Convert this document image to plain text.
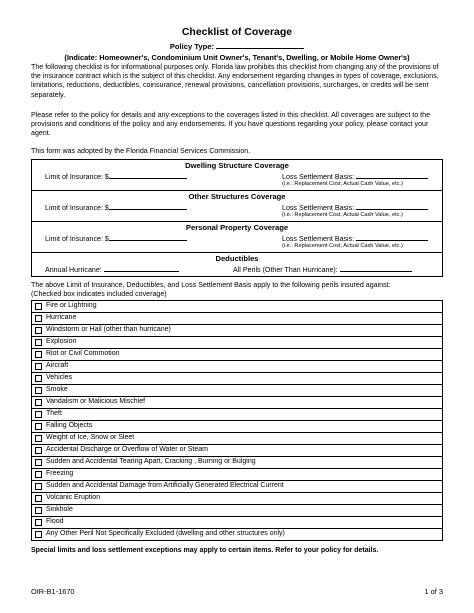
Checklist of Coverage
Policy Type:
(Indicate: Homeowner's, Condominium Unit Owner's, Tenant's, Dwelling, or Mobile Home Owner's)

The following checklist is for informational purposes only. Florida law prohibits this checklist from changing any of the provisions of the insurance contract which is the subject of this checklist. Any endorsement regarding changes in types of coverage, exclusions, limitations, reductions, deductibles, coinsurance, renewal provisions, cancellation provisions, surcharges, or credits will be sent separately.

Please refer to the policy for details and any exceptions to the coverages listed in this checklist. All coverages are subject to the provisions and conditions of the policy and any endorsements. If you have questions regarding your policy, please contact your agent.

This form was adopted by the Florida Financial Services Commission.

Dwelling Structure Coverage
Limit of Insurance: $	Loss Settlement Basis:
(i.e.: Replacement Cost, Actual Cash Value, etc.)
Other Structures Coverage
Limit of Insurance: $	Loss Settlement Basis:
(i.e.: Replacement Cost, Actual Cash Value, etc.)
Personal Property Coverage
Limit of Insurance: $	Loss Settlement Basis:
(i.e.: Replacement Cost, Actual Cash Value, etc.)
Deductibles
Annual Hurricane:	All Perils (Other Than Hurricane):

The above Limit of Insurance, Deductibles, and Loss Settlement Basis apply to the following perils insured against:

(Checked box indicates included coverage)

Fire or Lightning
Hurricane
Windstorm or Hail (other than hurricane)
Explosion
Riot or Civil Commotion
Aircraft
Vehicles
Smoke
Vandalism or Malicious Mischief
Theft
Falling Objects
Weight of Ice, Snow or Sleet
Accidental Discharge or Overflow of Water or Steam
Sudden and Accidental Tearing Apart, Cracking , Burning or Bulging
Freezing
Sudden and Accidental Damage from Artificially Generated Electrical Current
Volcanic Eruption
Sinkhole
Flood
Any Other Peril Not Specifically Excluded (dwelling and other structures only)

Special limits and loss settlement exceptions may apply to certain items. Refer to your policy for details.

OIR-B1-1670	1 of 3
